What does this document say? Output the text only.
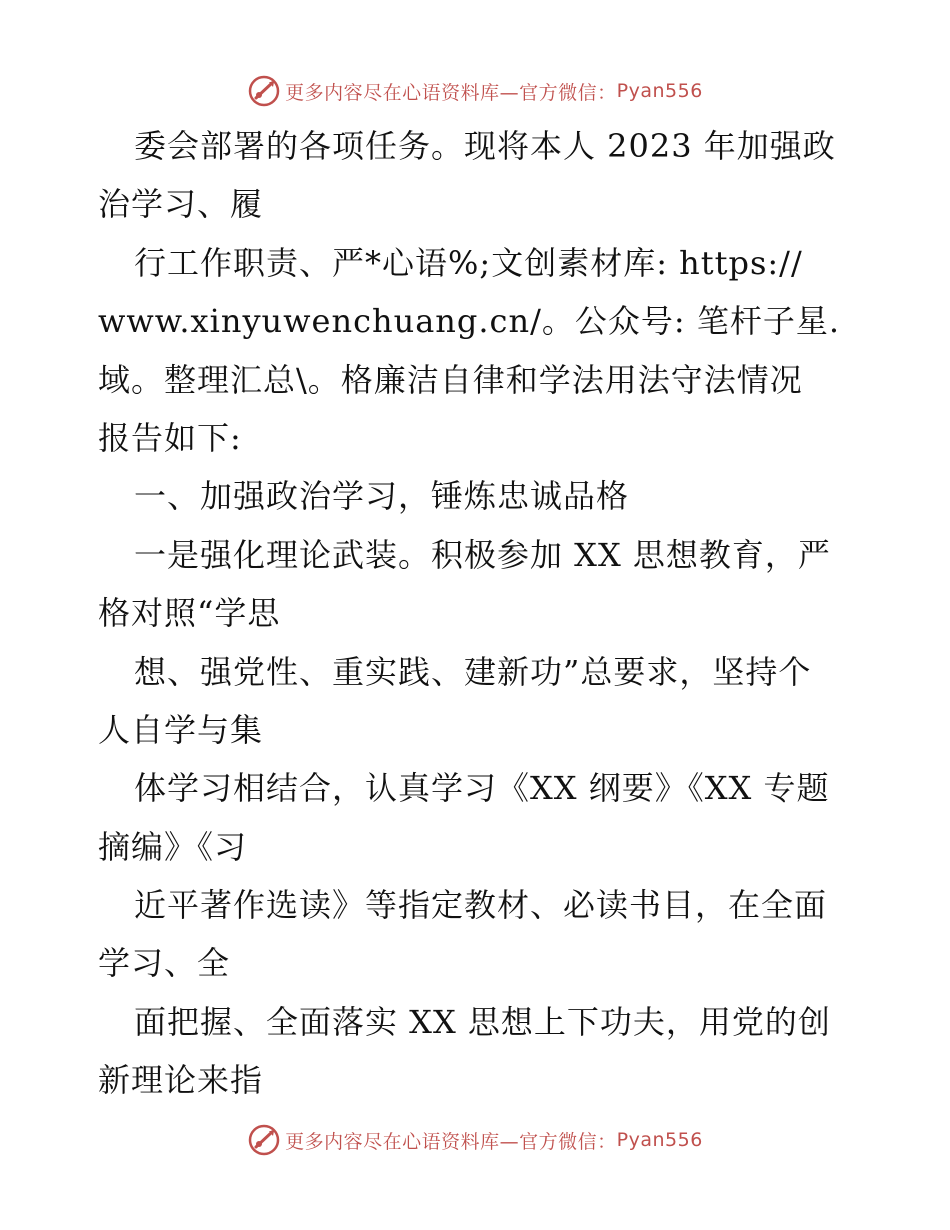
更多内容尽在心语资料库—官方微信： Pyan556
委会部署的各项任务。现将本人 2023 年加强政
治学习、履
行工作职责、严*心语%;文创素材库: https://
www.xinyuwenchuang.cn/。公众号: 笔杆子星.
域。整理汇总\。格廉洁自律和学法用法守法情况
报告如下:
一、加强政治学习，锤炼忠诚品格
一是强化理论武装。积极参加 XX 思想教育，严
格对照“学思
想、强党性、重实践、建新功”总要求，坚持个
人自学与集
体学习相结合，认真学习《XX 纲要》《XX 专题
摘编》《习
近平著作选读》等指定教材、必读书目，在全面
学习、全
面把握、全面落实 XX 思想上下功夫，用党的创
新理论来指
更多内容尽在心语资料库—官方微信： Pyan556
